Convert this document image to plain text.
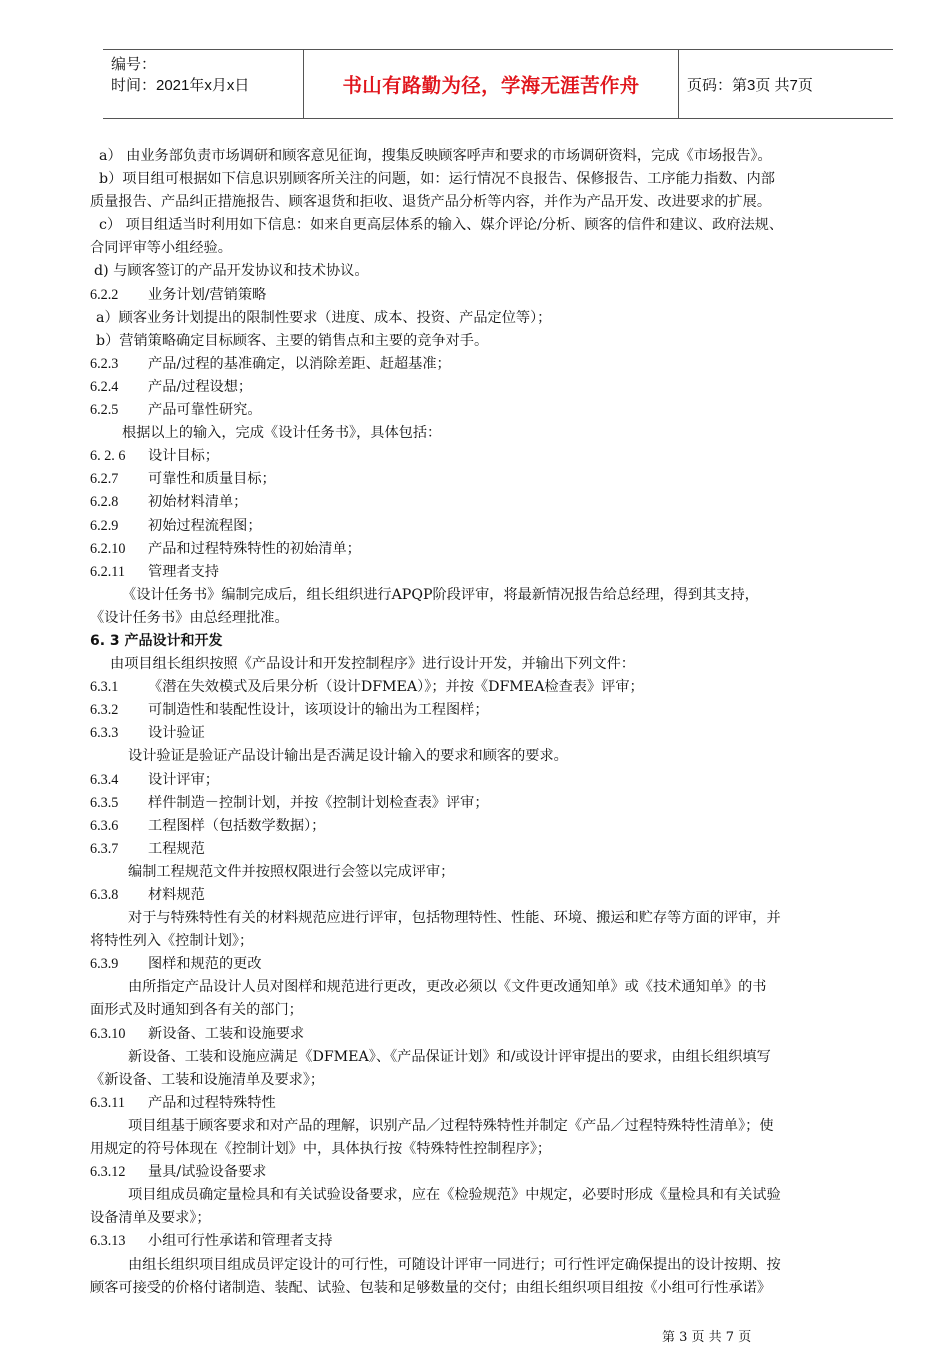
编号：
时间：2021年x月x日	书山有路勤为径，学海无涯苦作舟	页码：第3页 共7页
a） 由业务部负责市场调研和顾客意见征询，搜集反映顾客呼声和要求的市场调研资料，完成《市场报告》。
b）项目组可根据如下信息识别顾客所关注的问题，如：运行情况不良报告、保修报告、工序能力指数、内部
质量报告、产品纠正措施报告、顾客退货和拒收、退货产品分析等内容，并作为产品开发、改进要求的扩展。
c） 项目组适当时利用如下信息：如来自更高层体系的输入、媒介评论/分析、顾客的信件和建议、政府法规、
合同评审等小组经验。
d) 与顾客签订的产品开发协议和技术协议。
6.2.2 业务计划/营销策略
a）顾客业务计划提出的限制性要求（进度、成本、投资、产品定位等）；
b）营销策略确定目标顾客、主要的销售点和主要的竞争对手。
6.2.3 产品/过程的基准确定，以消除差距、赶超基准；
6.2.4 产品/过程设想；
6.2.5 产品可靠性研究。
根据以上的输入，完成《设计任务书》，具体包括：
6. 2. 6 设计目标；
6.2.7 可靠性和质量目标；
6.2.8 初始材料清单；
6.2.9 初始过程流程图；
6.2.10 产品和过程特殊特性的初始清单；
6.2.11 管理者支持
《设计任务书》编制完成后，组长组织进行APQP阶段评审，将最新情况报告给总经理，得到其支持，
《设计任务书》由总经理批准。
6. 3 产品设计和开发
由项目组长组织按照《产品设计和开发控制程序》进行设计开发，并输出下列文件：
6.3.1 《潜在失效模式及后果分析（设计DFMEA）》；并按《DFMEA检查表》评审；
6.3.2 可制造性和装配性设计，该项设计的输出为工程图样；
6.3.3 设计验证
设计验证是验证产品设计输出是否满足设计输入的要求和顾客的要求。
6.3.4 设计评审；
6.3.5 样件制造－控制计划，并按《控制计划检查表》评审；
6.3.6 工程图样（包括数学数据）；
6.3.7 工程规范
编制工程规范文件并按照权限进行会签以完成评审；
6.3.8 材料规范
对于与特殊特性有关的材料规范应进行评审，包括物理特性、性能、环境、搬运和贮存等方面的评审，并
将特性列入《控制计划》；
6.3.9 图样和规范的更改
由所指定产品设计人员对图样和规范进行更改，更改必须以《文件更改通知单》或《技术通知单》的书
面形式及时通知到各有关的部门；
6.3.10 新设备、工装和设施要求
新设备、工装和设施应满足《DFMEA》、《产品保证计划》和/或设计评审提出的要求，由组长组织填写
《新设备、工装和设施清单及要求》；
6.3.11 产品和过程特殊特性
项目组基于顾客要求和对产品的理解，识别产品／过程特殊特性并制定《产品／过程特殊特性清单》；使
用规定的符号体现在《控制计划》中，具体执行按《特殊特性控制程序》；
6.3.12 量具/试验设备要求
项目组成员确定量检具和有关试验设备要求，应在《检验规范》中规定，必要时形成《量检具和有关试验
设备清单及要求》；
6.3.13 小组可行性承诺和管理者支持
由组长组织项目组成员评定设计的可行性，可随设计评审一同进行；可行性评定确保提出的设计按期、按
顾客可接受的价格付诸制造、装配、试验、包装和足够数量的交付；由组长组织项目组按《小组可行性承诺》
第 3 页 共 7 页
